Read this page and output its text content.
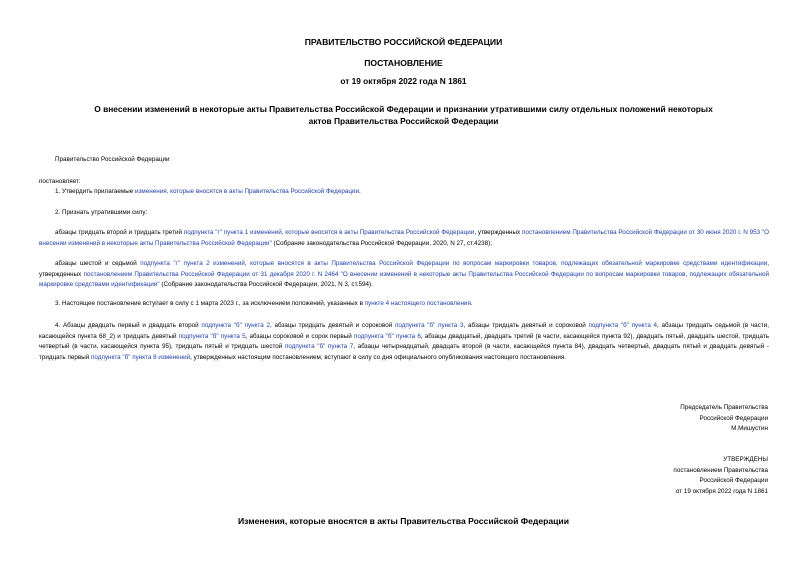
ПРАВИТЕЛЬСТВО РОССИЙСКОЙ ФЕДЕРАЦИИ
ПОСТАНОВЛЕНИЕ
от 19 октября 2022 года N 1861
О внесении изменений в некоторые акты Правительства Российской Федерации и признании утратившими силу отдельных положений некоторых актов Правительства Российской Федерации
Правительство Российской Федерации
постановляет:
1. Утвердить прилагаемые изменения, которые вносятся в акты Правительства Российской Федерации.
2. Признать утратившими силу:
абзацы тридцать второй и тридцать третий подпункта "г" пункта 1 изменений, которые вносятся в акты Правительства Российской Федерации, утвержденных постановлением Правительства Российской Федерации от 30 июня 2020 г. N 953 "О внесении изменений в некоторые акты Правительства Российской Федерации" (Собрание законодательства Российской Федерации, 2020, N 27, ст.4238);
абзацы шестой и седьмой подпункта "г" пункта 2 изменений, которые вносятся в акты Правительства Российской Федерации по вопросам маркировки товаров, подлежащих обязательной маркировке средствами идентификации, утвержденных постановлением Правительства Российской Федерации от 31 декабря 2020 г. N 2464 "О внесении изменений в некоторые акты Правительства Российской Федерации по вопросам маркировки товаров, подлежащих обязательной маркировке средствами идентификации" (Собрание законодательства Российской Федерации, 2021, N 3, ст.594).
3. Настоящее постановление вступает в силу с 1 марта 2023 г., за исключением положений, указанных в пункте 4 настоящего постановления.
4. Абзацы двадцать первый и двадцать второй подпункта "б" пункта 2, абзацы тридцать девятый и сороковой подпункта "б" пункта 3, абзацы тридцать девятый и сороковой подпункта "б" пункта 4, абзацы тридцать седьмой (в части, касающейся пункта 68_2) и тридцать девятый подпункта "б" пункта 5, абзацы сороковой и сорок первый подпункта "б" пункта 6, абзацы двадцатый, двадцать третий (в части, касающейся пункта 92), двадцать пятый, двадцать шестой, тридцать четвертый (в части, касающейся пункта 95), тридцать пятый и тридцать шестой подпункта "б" пункта 7, абзацы четырнадцатый, двадцать второй (в части, касающейся пункта 84), двадцать четвертый, двадцать пятый и двадцать девятый - тридцать первый подпункта "б" пункта 8 изменений, утвержденных настоящим постановлением, вступают в силу со дня официального опубликования настоящего постановления.
Председатель Правительства
Российской Федерации
М.Мишустин
УТВЕРЖДЕНЫ
постановлением Правительства
Российской Федерации
от 19 октября 2022 года N 1861
Изменения, которые вносятся в акты Правительства Российской Федерации
